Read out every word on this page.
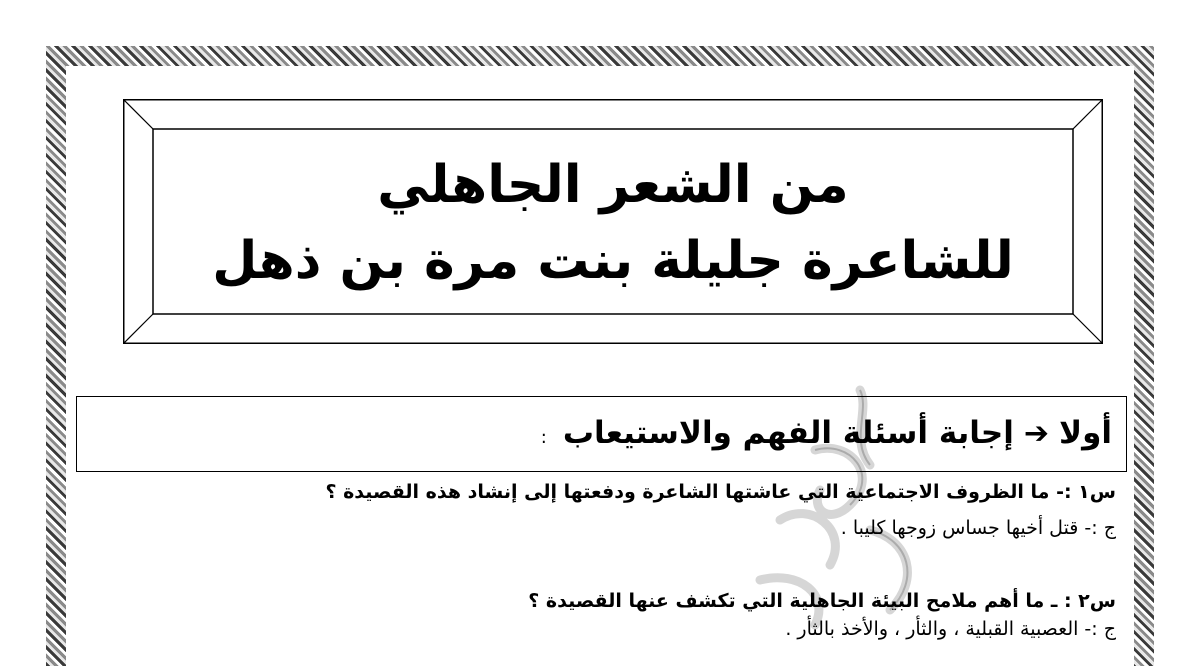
من الشعر الجاهلي
للشاعرة جليلة بنت مرة بن ذهل
أولا
➔
إجابة أسئلة الفهم والاستيعاب
:
س١ :- ما الظروف الاجتماعية التي عاشتها الشاعرة ودفعتها إلى إنشاد هذه القصيدة ؟
ج :- قتل أخيها جساس زوجها كليبا .
س٢ : ـ ما أهم ملامح البيئة الجاهلية التي تكشف عنها القصيدة ؟
ج :- العصبية القبلية ، والثأر ، والأخذ بالثأر .
